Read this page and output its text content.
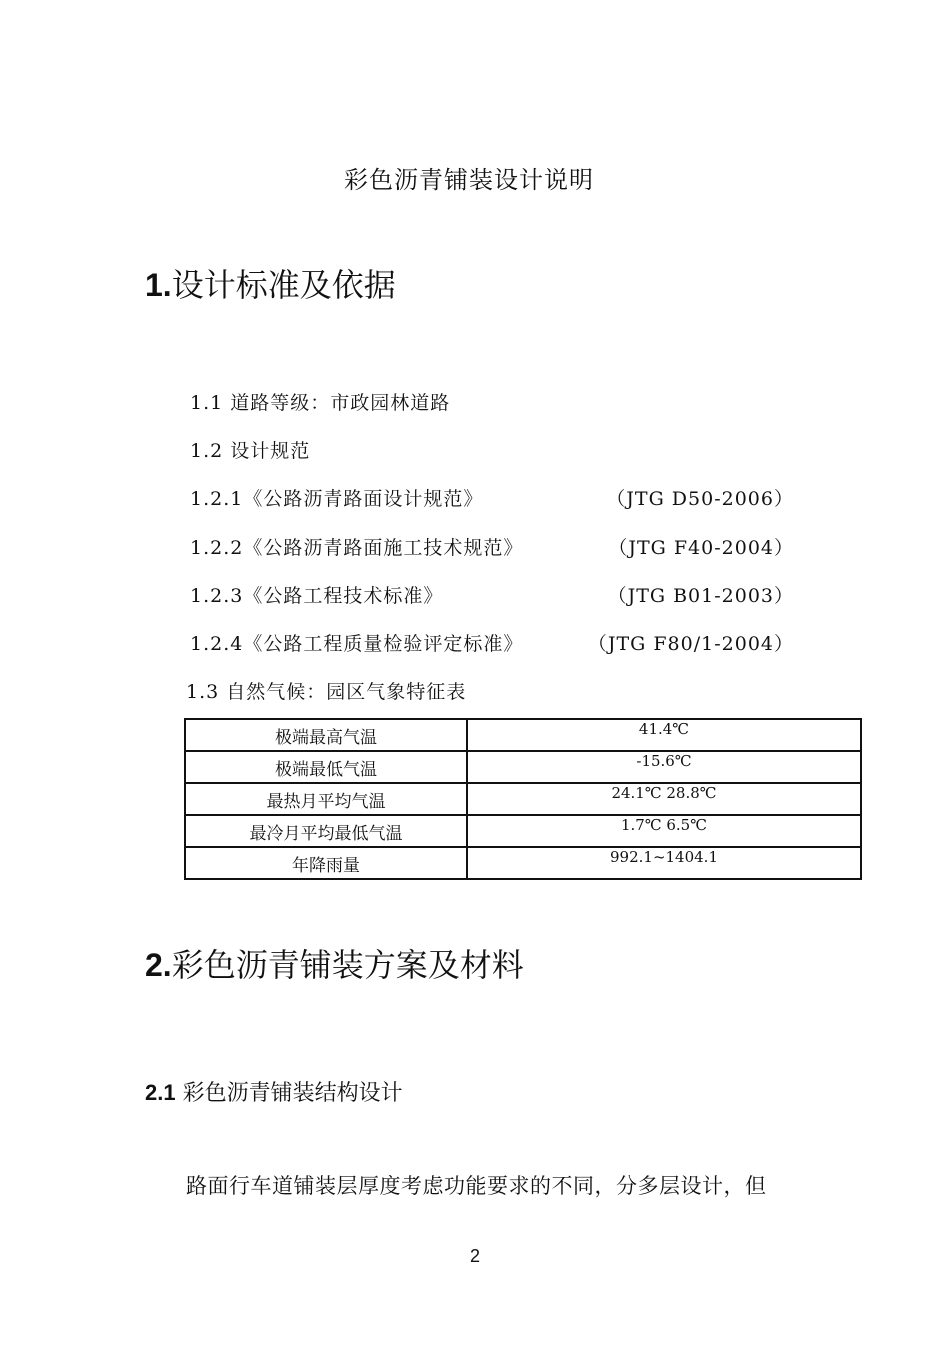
彩色沥青铺装设计说明
1.设计标准及依据
1.1 道路等级：市政园林道路
1.2 设计规范
1.2.1《公路沥青路面设计规范》	（JTG D50-2006）
1.2.2《公路沥青路面施工技术规范》	（JTG F40-2004）
1.2.3《公路工程技术标准》	（JTG B01-2003）
1.2.4《公路工程质量检验评定标准》	（JTG F80/1-2004）
1.3 自然气候：园区气象特征表
极端最高气温	41.4℃
极端最低气温	-15.6℃
最热月平均气温	24.1℃ 28.8℃
最冷月平均最低气温	1.7℃ 6.5℃
年降雨量	992.1~1404.1
2.彩色沥青铺装方案及材料
2.1 彩色沥青铺装结构设计
路面行车道铺装层厚度考虑功能要求的不同，分多层设计，但
2
